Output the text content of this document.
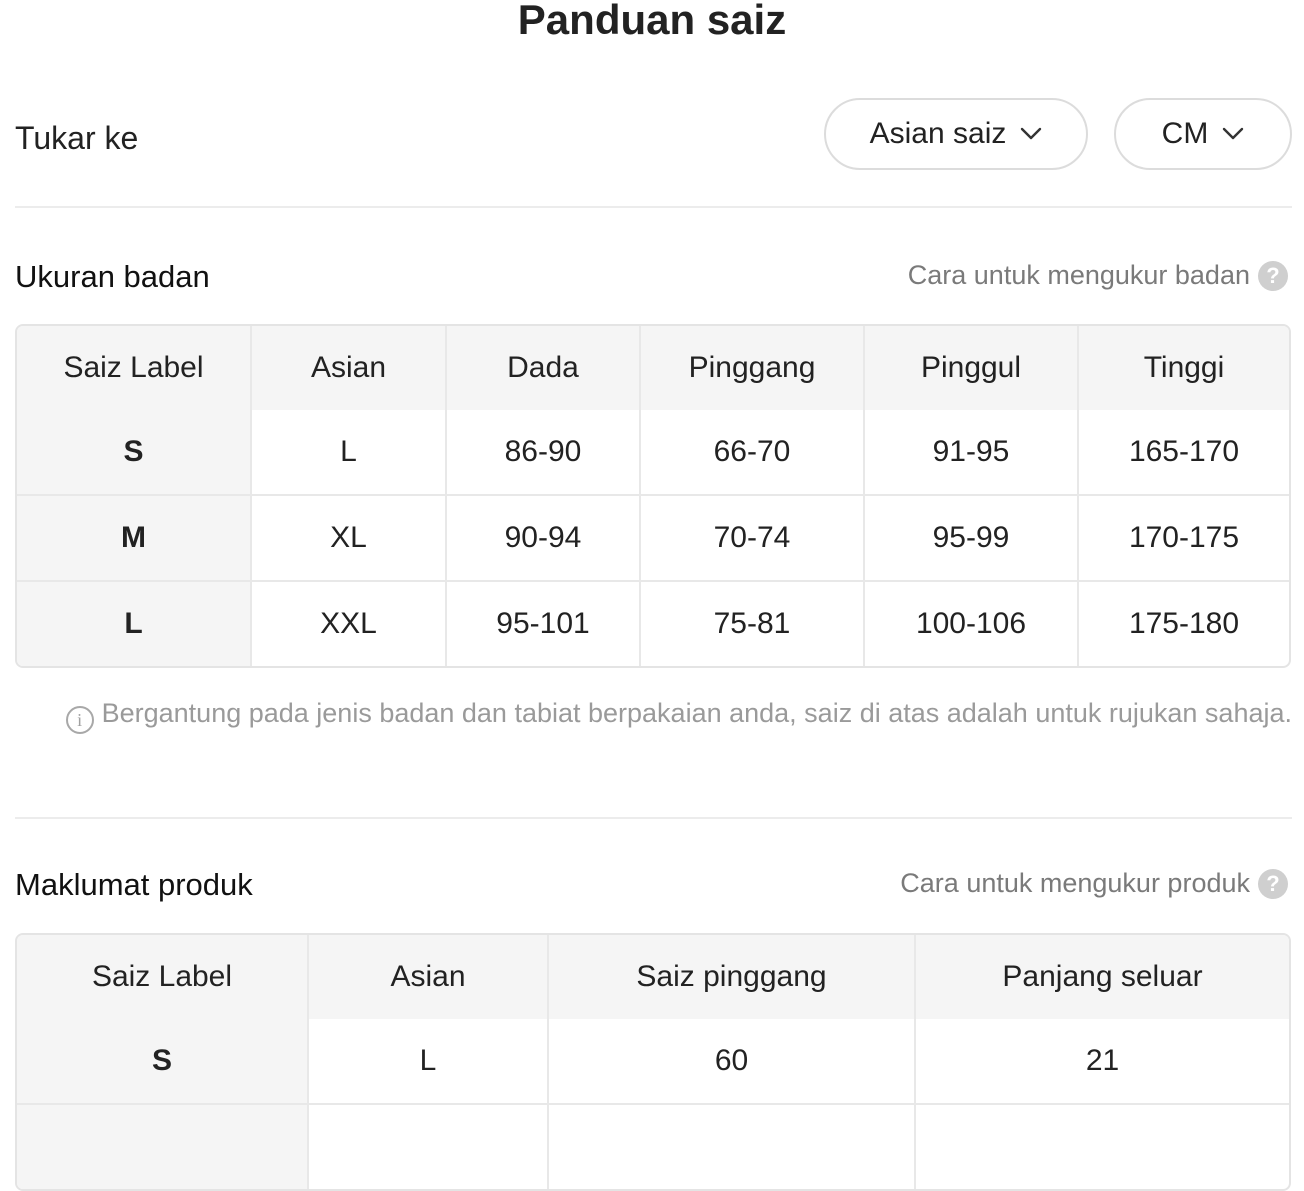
Panduan saiz
Tukar ke	Asian saiz	CM
Ukuran badan	Cara untuk mengukur badan ?
Saiz Label	Asian	Dada	Pinggang	Pinggul	Tinggi
S	L	86-90	66-70	91-95	165-170
M	XL	90-94	70-74	95-99	170-175
L	XXL	95-101	75-81	100-106	175-180
i Bergantung pada jenis badan dan tabiat berpakaian anda, saiz di atas adalah untuk rujukan sahaja.
Maklumat produk	Cara untuk mengukur produk ?
Saiz Label	Asian	Saiz pinggang	Panjang seluar
S	L	60	21
